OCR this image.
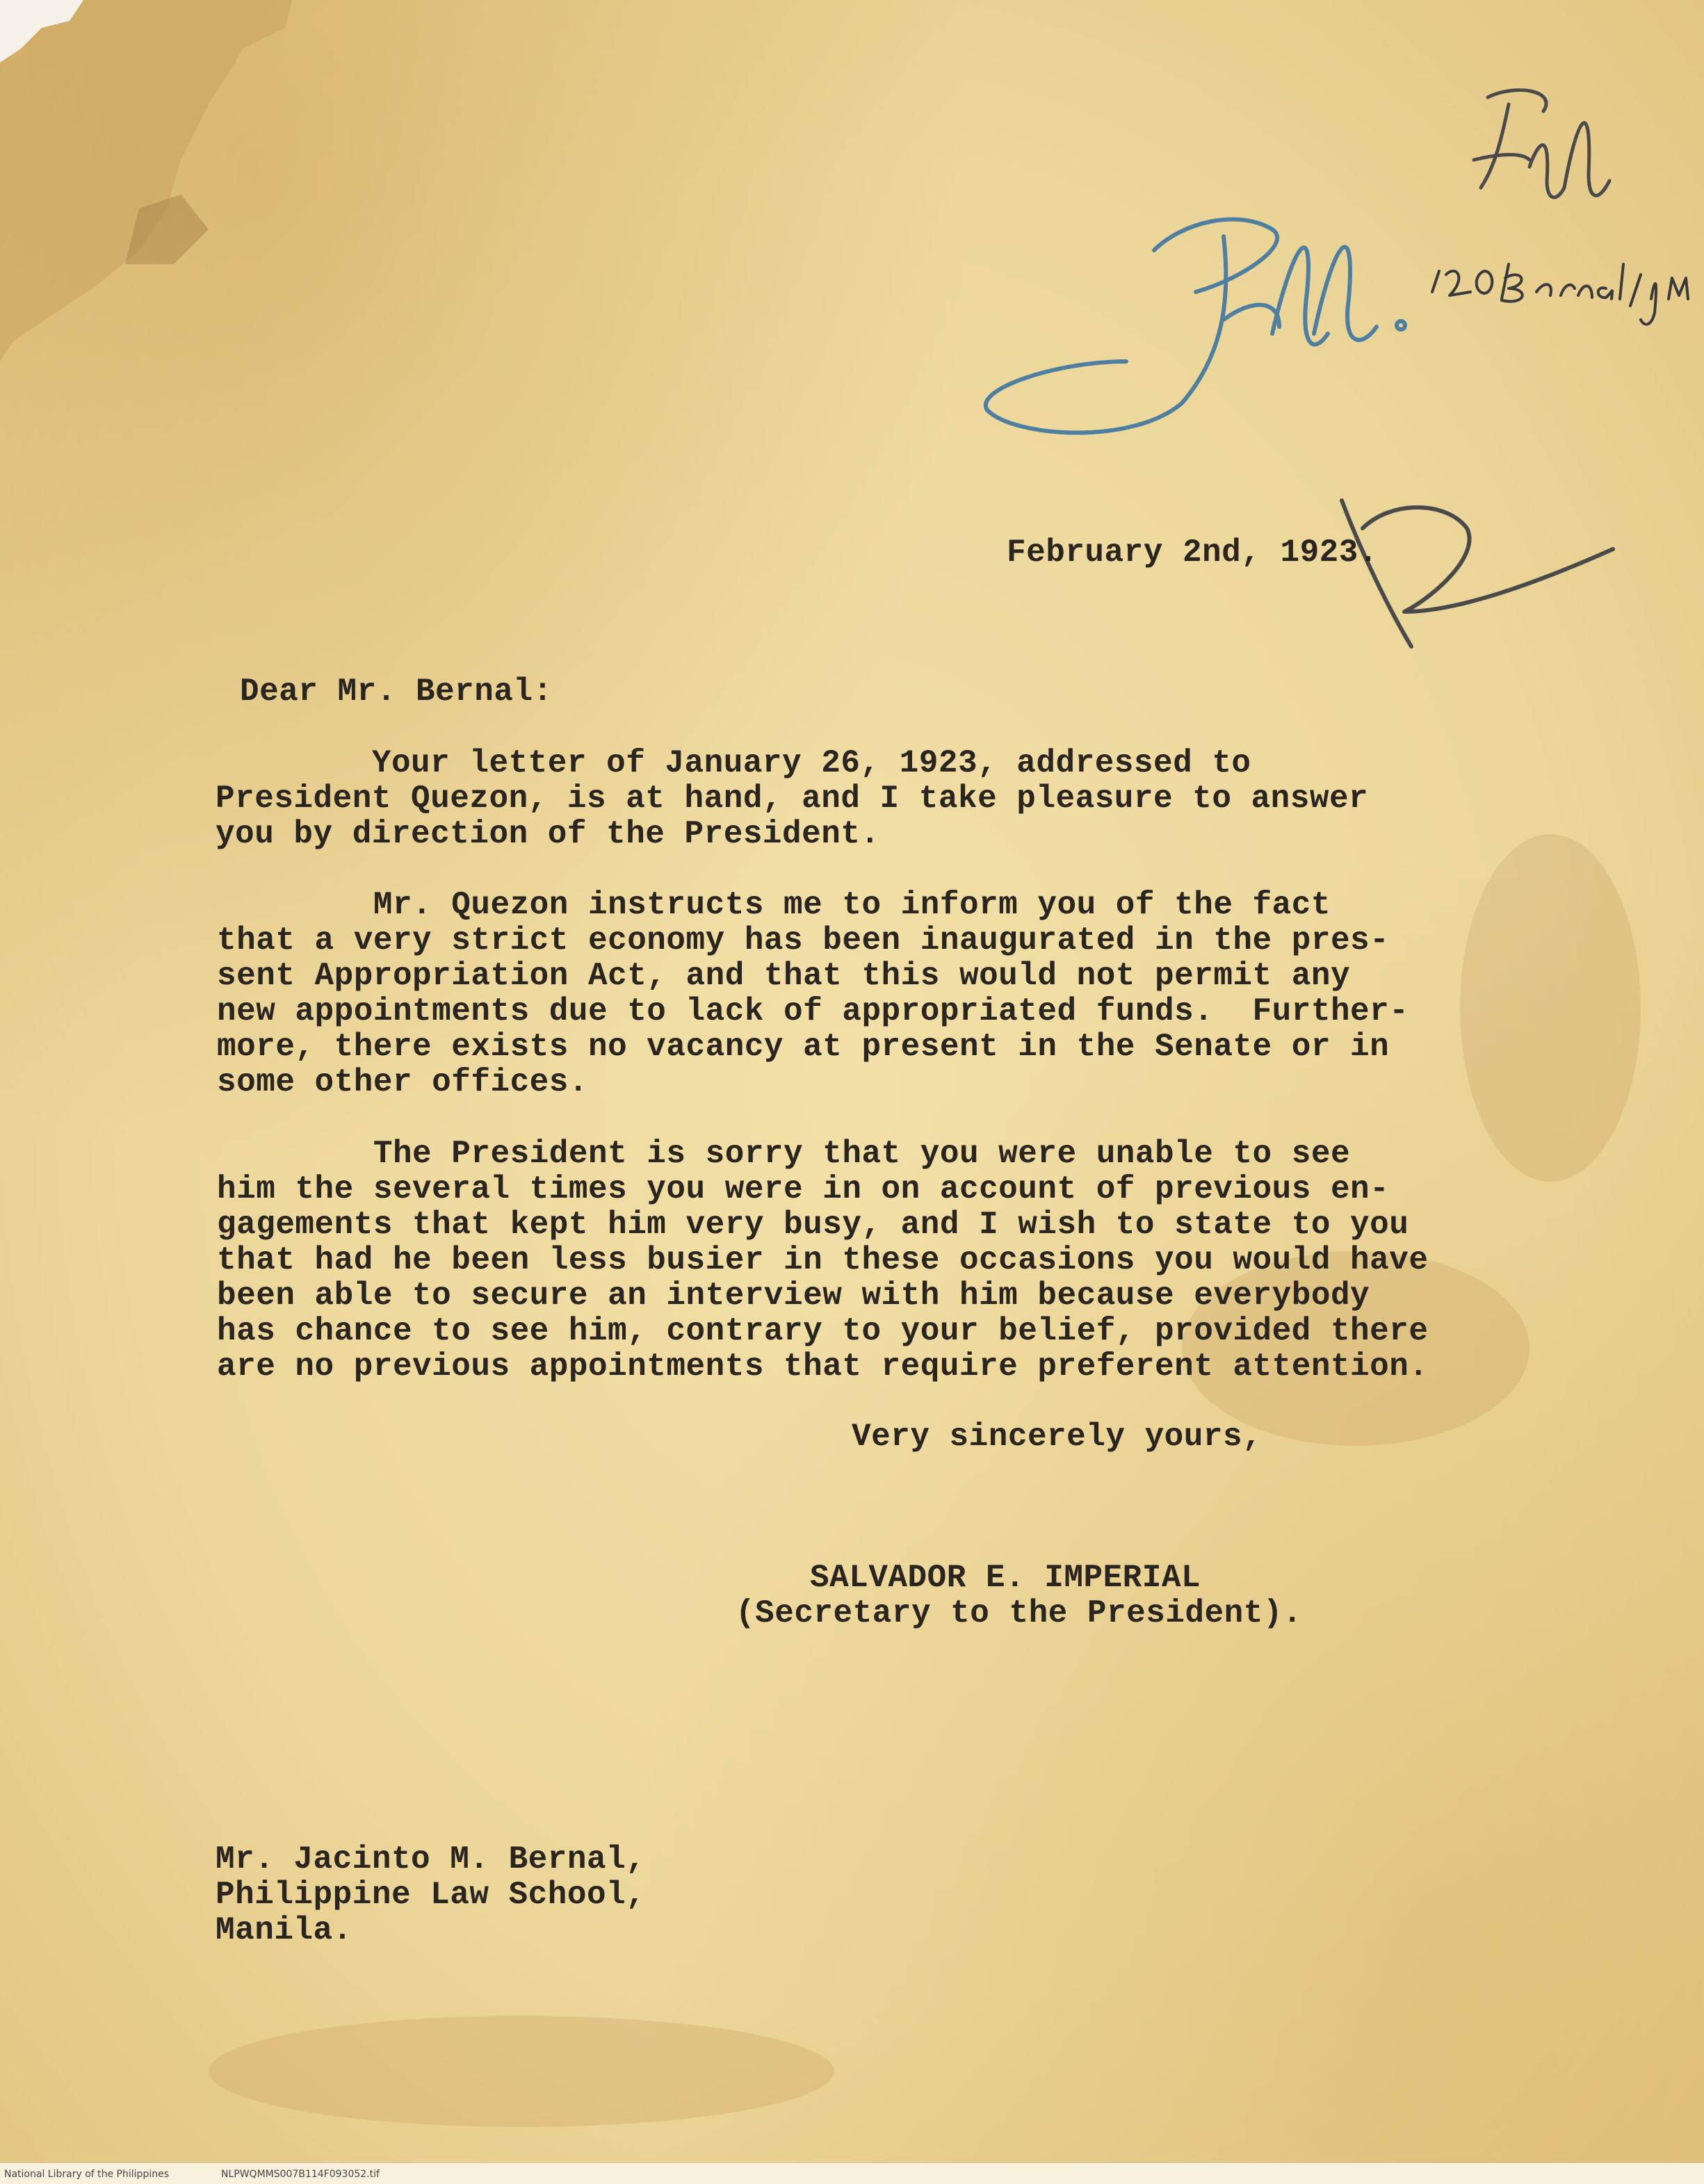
February 2nd, 1923.
Dear Mr. Bernal:
Your letter of January 26, 1923, addressed to
President Quezon, is at hand, and I take pleasure to answer
you by direction of the President.
Mr. Quezon instructs me to inform you of the fact
that a very strict economy has been inaugurated in the pres-
sent Appropriation Act, and that this would not permit any
new appointments due to lack of appropriated funds.  Further-
more, there exists no vacancy at present in the Senate or in
some other offices.
The President is sorry that you were unable to see
him the several times you were in on account of previous en-
gagements that kept him very busy, and I wish to state to you
that had he been less busier in these occasions you would have
been able to secure an interview with him because everybody
has chance to see him, contrary to your belief, provided there
are no previous appointments that require preferent attention.
Very sincerely yours,
SALVADOR E. IMPERIAL
(Secretary to the President).
Mr. Jacinto M. Bernal,
Philippine Law School,
Manila.
National Library of the Philippines	NLPWQMMS007B114F093052.tif
